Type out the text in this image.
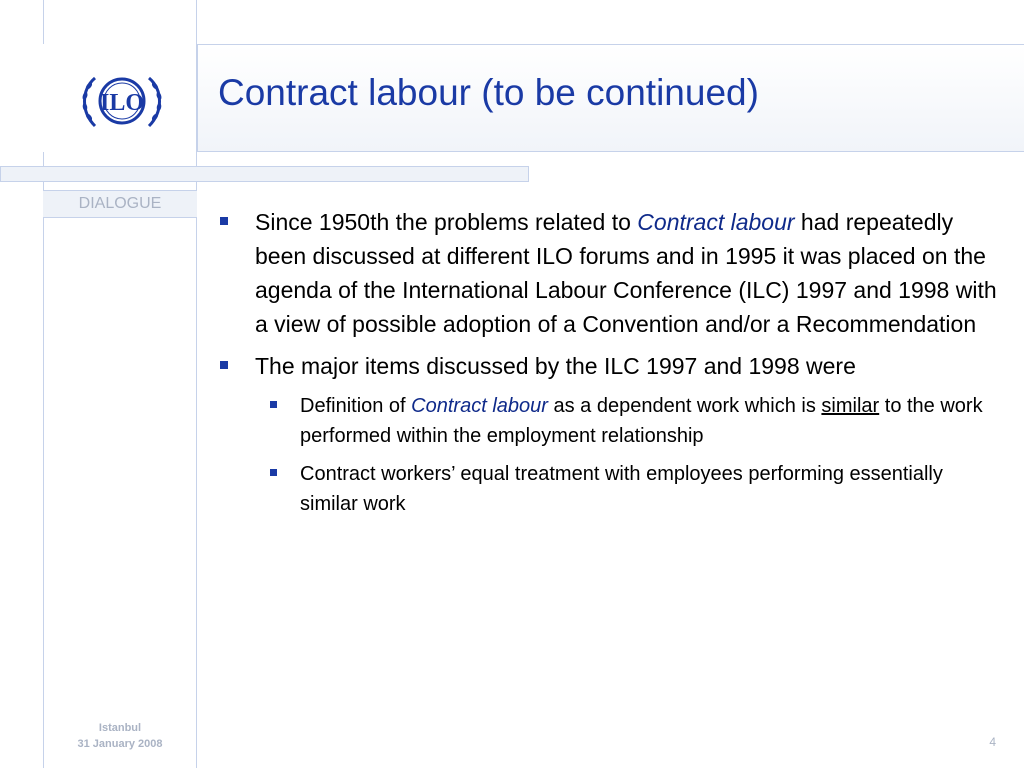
ILO Contract labour (to be continued)
DIALOGUE
Since 1950th the problems related to Contract labour had repeatedly been discussed at different ILO forums and in 1995 it was placed on the agenda of the International Labour Conference (ILC) 1997 and 1998 with a view of possible adoption of a Convention and/or a Recommendation
The major items discussed by the ILC 1997 and 1998 were
Definition of Contract labour as a dependent work which is similar to the work performed within the employment relationship
Contract workers’ equal treatment with employees performing essentially similar work
Istanbul
31 January 2008	4
